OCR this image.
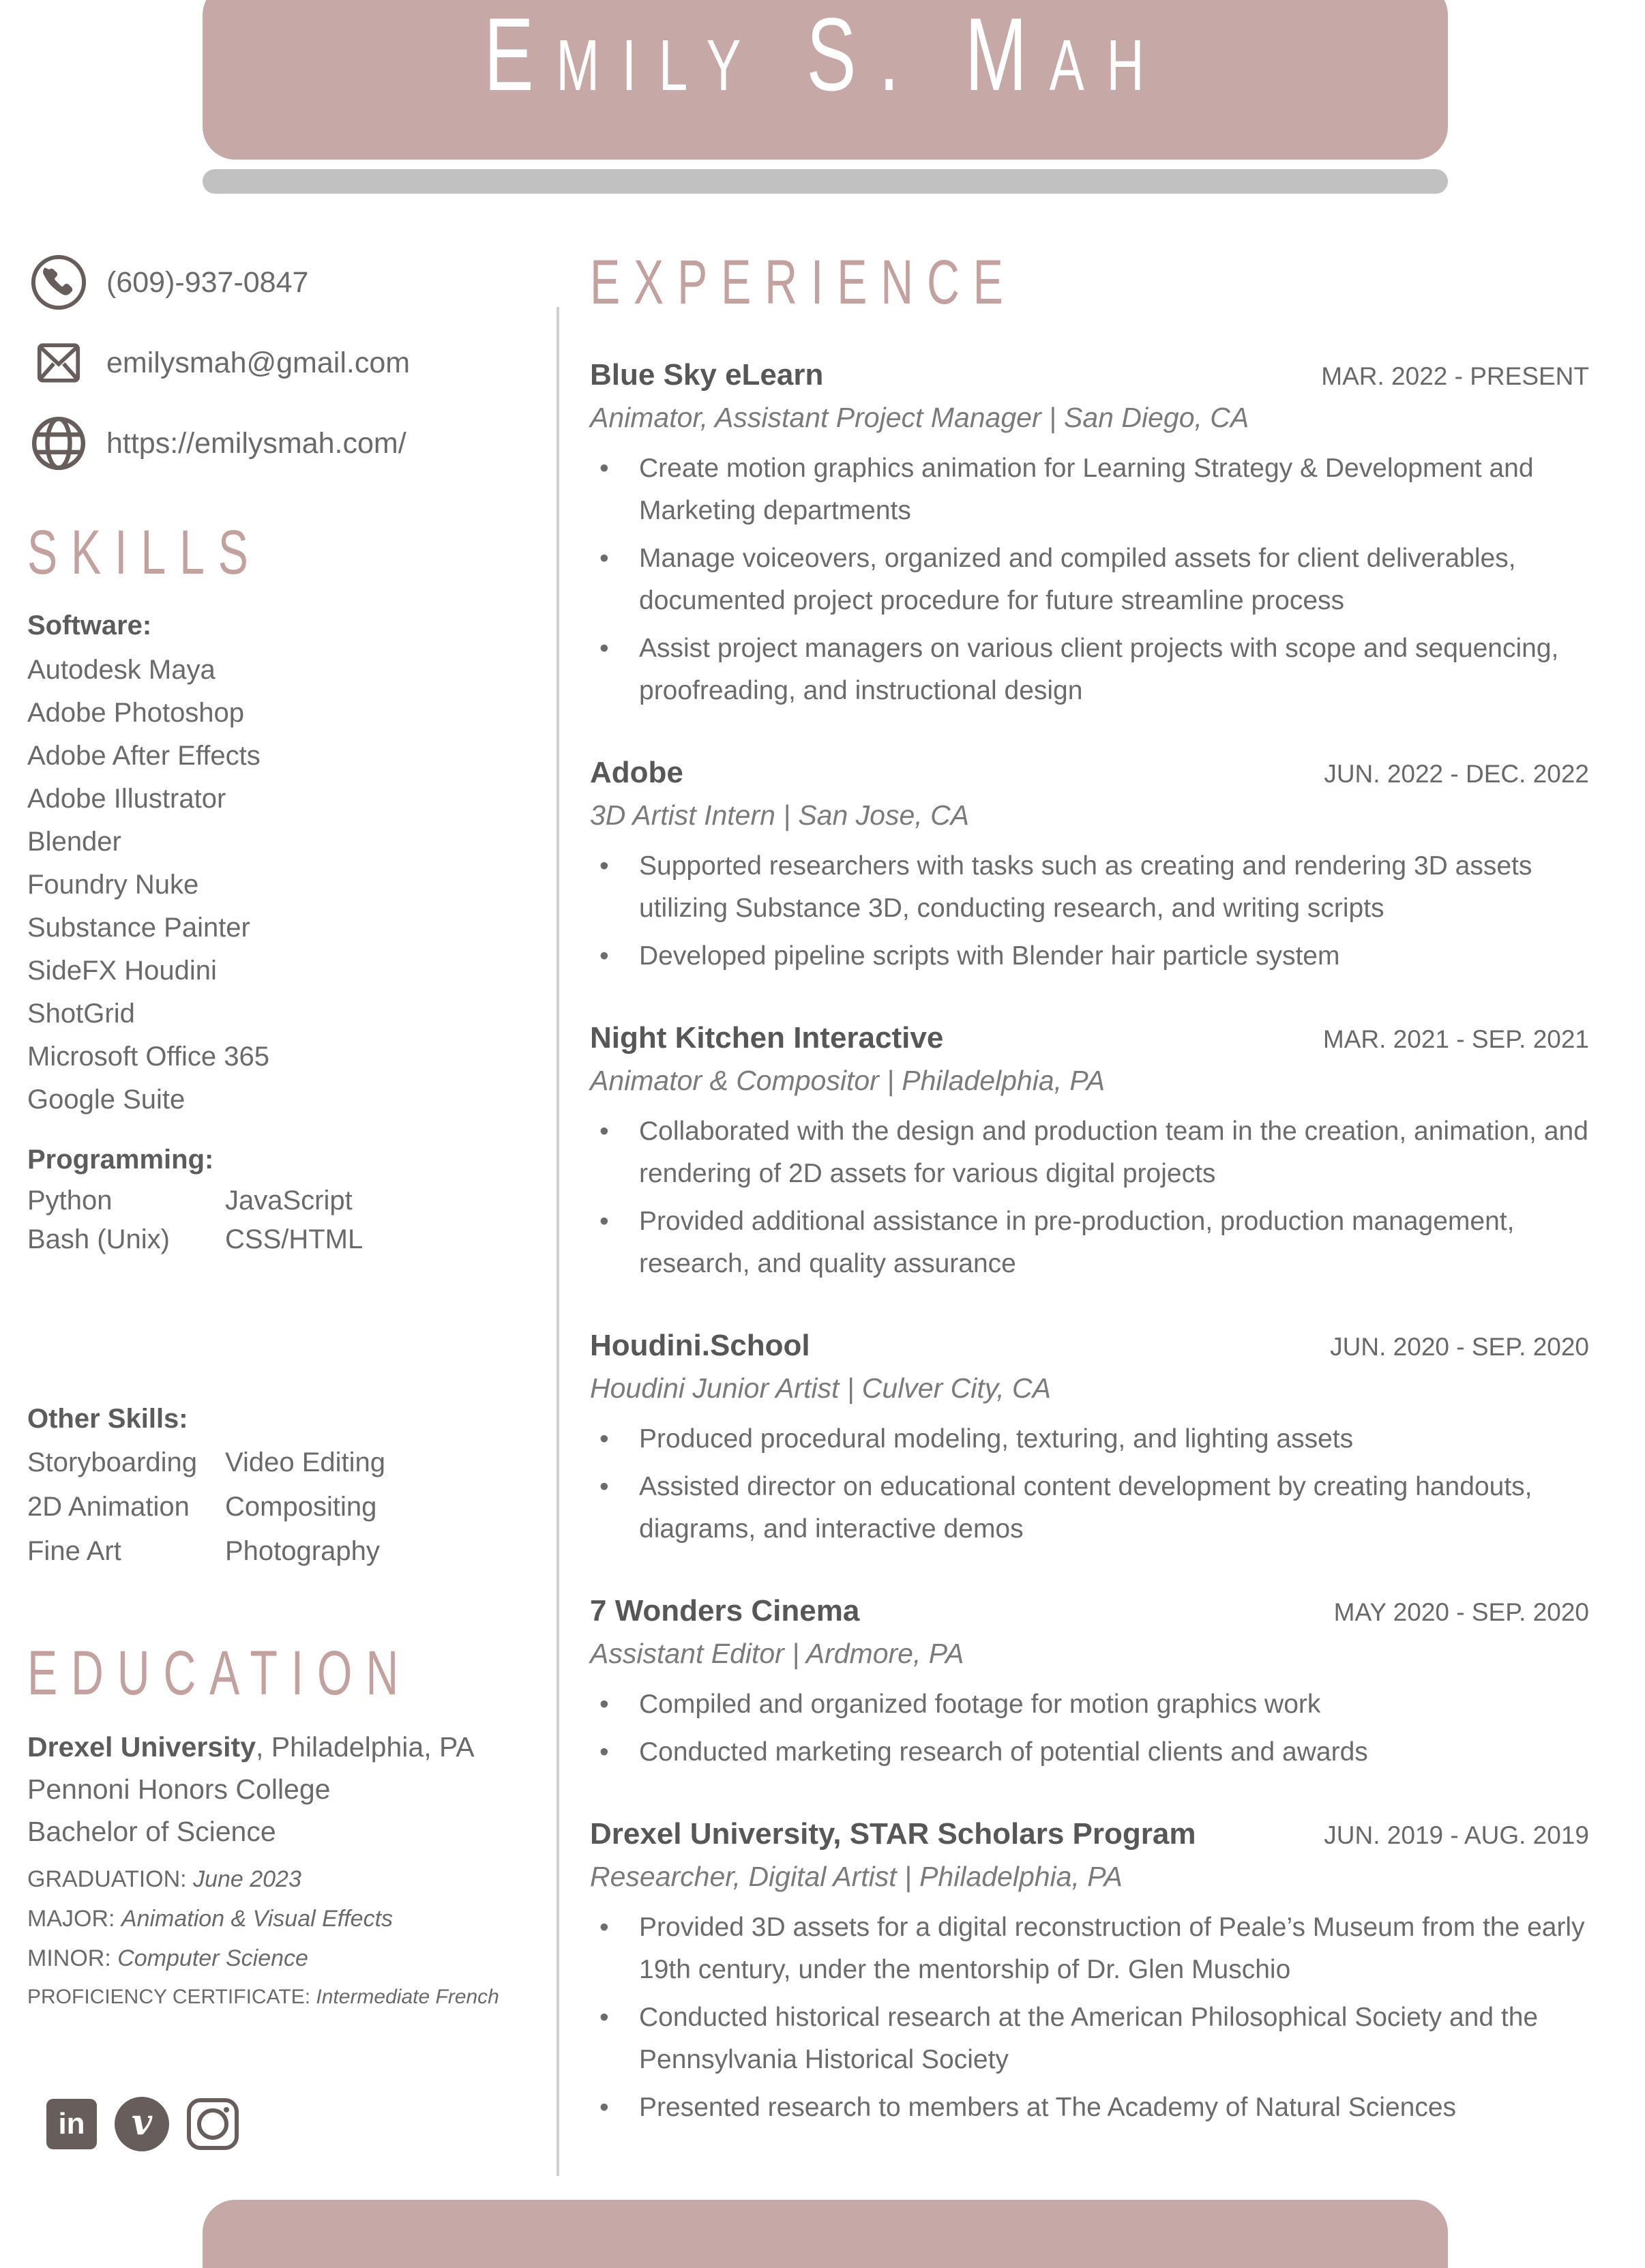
Emily S. Mah
(609)-937-0847
emilysmah@gmail.com
https://emilysmah.com/
SKILLS
Software:
Autodesk Maya
Adobe Photoshop
Adobe After Effects
Adobe Illustrator
Blender
Foundry Nuke
Substance Painter
SideFX Houdini
ShotGrid
Microsoft Office 365
Google Suite
Programming:
Python	JavaScript
Bash (Unix)	CSS/HTML
Other Skills:
Storyboarding	Video Editing
2D Animation	Compositing
Fine Art	Photography
EDUCATION
Drexel University, Philadelphia, PA
Pennoni Honors College
Bachelor of Science
GRADUATION: June 2023
MAJOR: Animation & Visual Effects
MINOR: Computer Science
PROFICIENCY CERTIFICATE: Intermediate French
in v
EXPERIENCE
Blue Sky eLearn	MAR. 2022 - PRESENT
Animator, Assistant Project Manager | San Diego, CA
• Create motion graphics animation for Learning Strategy & Development and Marketing departments
• Manage voiceovers, organized and compiled assets for client deliverables, documented project procedure for future streamline process
• Assist project managers on various client projects with scope and sequencing, proofreading, and instructional design
Adobe	JUN. 2022 - DEC. 2022
3D Artist Intern | San Jose, CA
• Supported researchers with tasks such as creating and rendering 3D assets utilizing Substance 3D, conducting research, and writing scripts
• Developed pipeline scripts with Blender hair particle system
Night Kitchen Interactive	MAR. 2021 - SEP. 2021
Animator & Compositor | Philadelphia, PA
• Collaborated with the design and production team in the creation, animation, and rendering of 2D assets for various digital projects
• Provided additional assistance in pre-production, production management, research, and quality assurance
Houdini.School	JUN. 2020 - SEP. 2020
Houdini Junior Artist | Culver City, CA
• Produced procedural modeling, texturing, and lighting assets
• Assisted director on educational content development by creating handouts, diagrams, and interactive demos
7 Wonders Cinema	MAY 2020 - SEP. 2020
Assistant Editor | Ardmore, PA
• Compiled and organized footage for motion graphics work
• Conducted marketing research of potential clients and awards
Drexel University, STAR Scholars Program	JUN. 2019 - AUG. 2019
Researcher, Digital Artist | Philadelphia, PA
• Provided 3D assets for a digital reconstruction of Peale’s Museum from the early 19th century, under the mentorship of Dr. Glen Muschio
• Conducted historical research at the American Philosophical Society and the Pennsylvania Historical Society
• Presented research to members at The Academy of Natural Sciences
